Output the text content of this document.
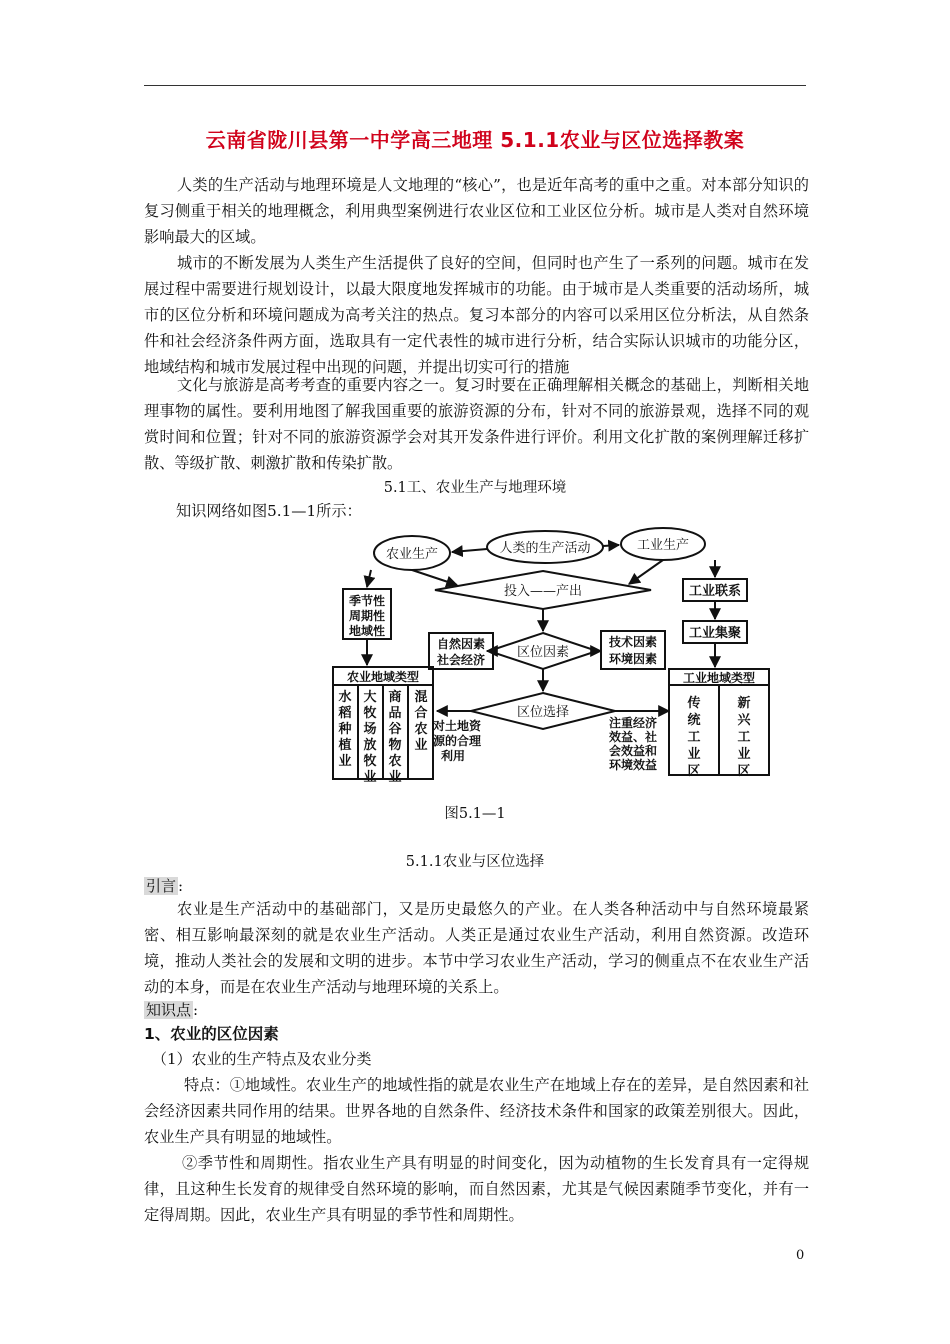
云南省陇川县第一中学高三地理 5.1.1农业与区位选择教案

人类的生产活动与地理环境是人文地理的“核心”，也是近年高考的重中之重。对本部分知识的复习侧重于相关的地理概念，利用典型案例进行农业区位和工业区位分析。城市是人类对自然环境影响最大的区域。

城市的不断发展为人类生产生活提供了良好的空间，但同时也产生了一系列的问题。城市在发展过程中需要进行规划设计，以最大限度地发挥城市的功能。由于城市是人类重要的活动场所，城市的区位分析和环境问题成为高考关注的热点。复习本部分的内容可以采用区位分析法，从自然条件和社会经济条件两方面，选取具有一定代表性的城市进行分析，结合实际认识城市的功能分区，地域结构和城市发展过程中出现的问题，并提出切实可行的措施

文化与旅游是高考考查的重要内容之一。复习时要在正确理解相关概念的基础上，判断相关地理事物的属性。要利用地图了解我国重要的旅游资源的分布，针对不同的旅游景观，选择不同的观赏时间和位置；针对不同的旅游资源学会对其开发条件进行评价。利用文化扩散的案例理解迁移扩散、等级扩散、刺激扩散和传染扩散。

5.1工、农业生产与地理环境
知识网络如图5.1—1所示：
农业生产	人类的生产活动	工业生产
投入——产出
季节性
周期性
地域性
区位因素
自然因素
社会经济
技术因素
环境因素
区位选择
工业联系
工业集聚
农业地域类型	工业地域类型
对土地资
源的合理
利用
注重经济
效益、社
会效益和
环境效益
水稻种植业
大牧场放牧业
商品谷物农业
混合农业
传统工业区
新兴工业区
图5.1—1
5.1.1农业与区位选择
引言 :

农业是生产活动中的基础部门，又是历史最悠久的产业。在人类各种活动中与自然环境最紧密、相互影响最深刻的就是农业生产活动。人类正是通过农业生产活动，利用自然资源。改造环境，推动人类社会的发展和文明的进步。本节中学习农业生产活动，学习的侧重点不在农业生产活动的本身，而是在农业生产活动与地理环境的关系上。

知识点 :
1、农业的区位因素
（1）农业的生产特点及农业分类

特点：①地域性。农业生产的地域性指的就是农业生产在地域上存在的差异，是自然因素和社会经济因素共同作用的结果。世界各地的自然条件、经济技术条件和国家的政策差别很大。因此，农业生产具有明显的地域性。

②季节性和周期性。指农业生产具有明显的时间变化，因为动植物的生长发育具有一定得规律，且这种生长发育的规律受自然环境的影响，而自然因素，尤其是气候因素随季节变化，并有一定得周期。因此，农业生产具有明显的季节性和周期性。

0
